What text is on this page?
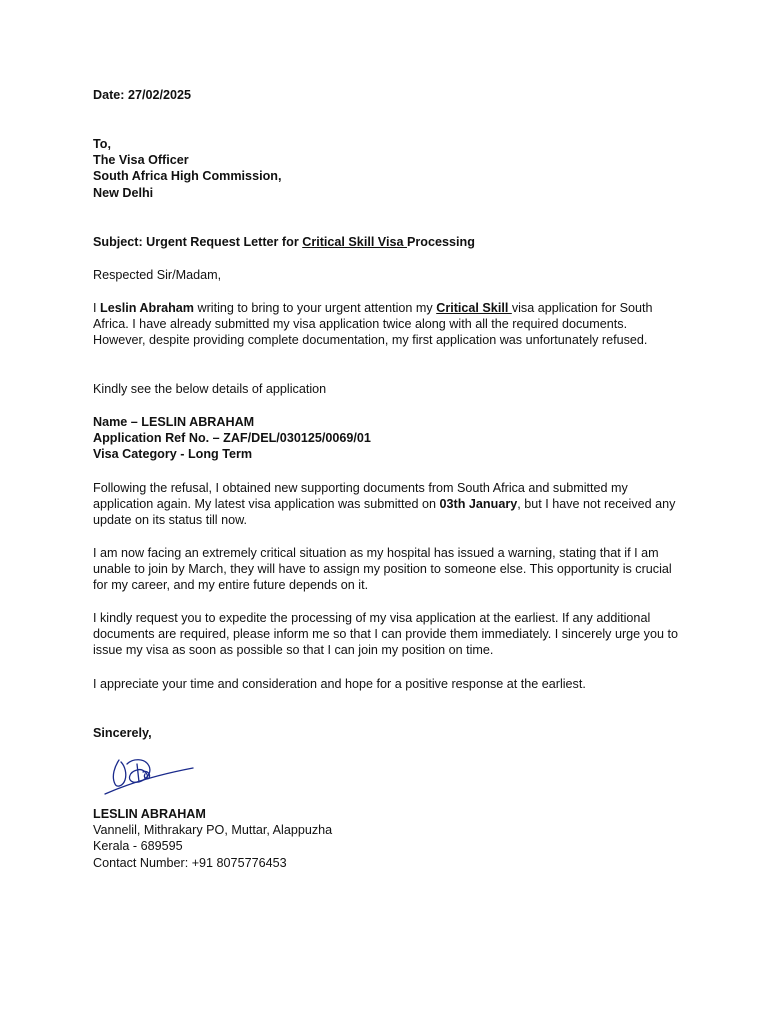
Date: 27/02/2025

To,

The Visa Officer

South Africa High Commission,

New Delhi

Subject: Urgent Request Letter for Critical Skill Visa Processing

Respected Sir/Madam,

I Leslin Abraham writing to bring to your urgent attention my Critical Skill visa application for South Africa. I have already submitted my visa application twice along with all the required documents. However, despite providing complete documentation, my first application was unfortunately refused.

Kindly see the below details of application

Name – LESLIN ABRAHAM

Application Ref No. – ZAF/DEL/030125/0069/01

Visa Category - Long Term

Following the refusal, I obtained new supporting documents from South Africa and submitted my application again. My latest visa application was submitted on 03th January, but I have not received any update on its status till now.

I am now facing an extremely critical situation as my hospital has issued a warning, stating that if I am unable to join by March, they will have to assign my position to someone else. This opportunity is crucial for my career, and my entire future depends on it.

I kindly request you to expedite the processing of my visa application at the earliest. If any additional documents are required, please inform me so that I can provide them immediately. I sincerely urge you to issue my visa as soon as possible so that I can join my position on time.

I appreciate your time and consideration and hope for a positive response at the earliest.

Sincerely,

LESLIN ABRAHAM

Vannelil, Mithrakary PO, Muttar, Alappuzha

Kerala - 689595

Contact Number: +91 8075776453
